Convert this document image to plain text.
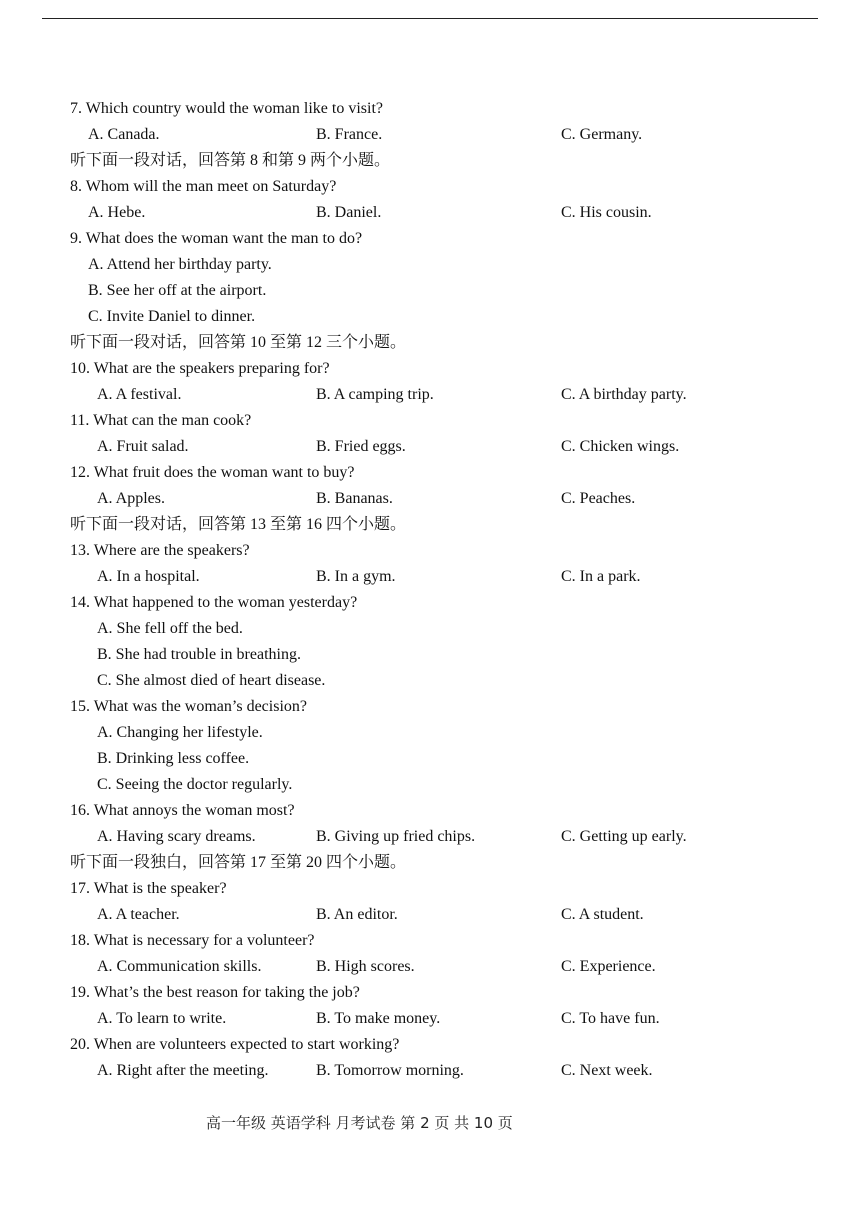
7. Which country would the woman like to visit?
A. Canada.	B. France.	C. Germany.
听下面一段对话，回答第 8 和第 9 两个小题。
8. Whom will the man meet on Saturday?
A. Hebe.	B. Daniel.	C. His cousin.
9. What does the woman want the man to do?
A. Attend her birthday party.
B. See her off at the airport.
C. Invite Daniel to dinner.
听下面一段对话，回答第 10 至第 12 三个小题。
10. What are the speakers preparing for?
A. A festival.	B. A camping trip.	C. A birthday party.
11. What can the man cook?
A. Fruit salad.	B. Fried eggs.	C. Chicken wings.
12. What fruit does the woman want to buy?
A. Apples.	B. Bananas.	C. Peaches.
听下面一段对话，回答第 13 至第 16 四个小题。
13. Where are the speakers?
A. In a hospital.	B. In a gym.	C. In a park.
14. What happened to the woman yesterday?
A. She fell off the bed.
B. She had trouble in breathing.
C. She almost died of heart disease.
15. What was the woman’s decision?
A. Changing her lifestyle.
B. Drinking less coffee.
C. Seeing the doctor regularly.
16. What annoys the woman most?
A. Having scary dreams.	B. Giving up fried chips.	C. Getting up early.
听下面一段独白，回答第 17 至第 20 四个小题。
17. What is the speaker?
A. A teacher.	B. An editor.	C. A student.
18. What is necessary for a volunteer?
A. Communication skills.	B. High scores.	C. Experience.
19. What’s the best reason for taking the job?
A. To learn to write.	B. To make money.	C. To have fun.
20. When are volunteers expected to start working?
A. Right after the meeting.	B. Tomorrow morning.	C. Next week.
高一年级 英语学科 月考试卷 第 2 页 共 10 页
